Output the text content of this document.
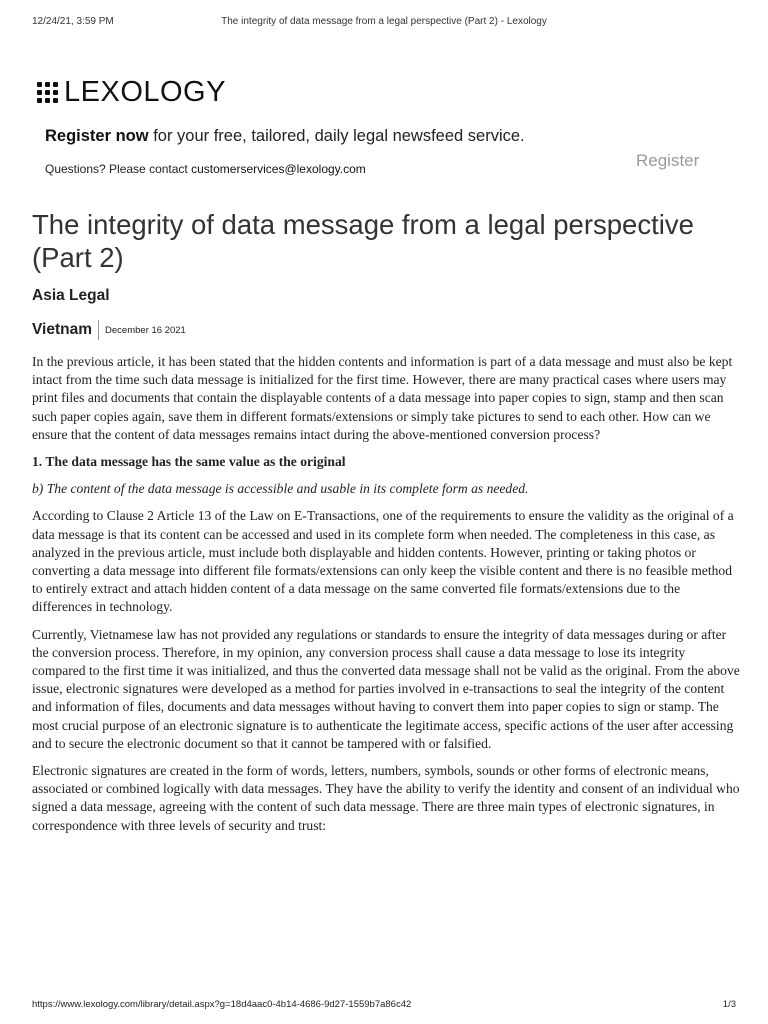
12/24/21, 3:59 PM	The integrity of data message from a legal perspective (Part 2) - Lexology
LEXOLOGY
Register now for your free, tailored, daily legal newsfeed service.
Questions? Please contact customerservices@lexology.com	Register
The integrity of data message from a legal perspective (Part 2)
Asia Legal
Vietnam	December 16 2021

In the previous article, it has been stated that the hidden contents and information is part of a data message and must also be kept intact from the time such data message is initialized for the first time. However, there are many practical cases where users may print files and documents that contain the displayable contents of a data message into paper copies to sign, stamp and then scan such paper copies again, save them in different formats/extensions or simply take pictures to send to each other. How can we ensure that the content of data messages remains intact during the above-mentioned conversion process?

1. The data message has the same value as the original

b) The content of the data message is accessible and usable in its complete form as needed.

According to Clause 2 Article 13 of the Law on E-Transactions, one of the requirements to ensure the validity as the original of a data message is that its content can be accessed and used in its complete form when needed. The completeness in this case, as analyzed in the previous article, must include both displayable and hidden contents. However, printing or taking photos or converting a data message into different file formats/extensions can only keep the visible content and there is no feasible method to entirely extract and attach hidden content of a data message on the same converted file formats/extensions due to the differences in technology.

Currently, Vietnamese law has not provided any regulations or standards to ensure the integrity of data messages during or after the conversion process. Therefore, in my opinion, any conversion process shall cause a data message to lose its integrity compared to the first time it was initialized, and thus the converted data message shall not be valid as the original. From the above issue, electronic signatures were developed as a method for parties involved in e-transactions to seal the integrity of the content and information of files, documents and data messages without having to convert them into paper copies to sign or stamp. The most crucial purpose of an electronic signature is to authenticate the legitimate access, specific actions of the user after accessing and to secure the electronic document so that it cannot be tampered with or falsified.

Electronic signatures are created in the form of words, letters, numbers, symbols, sounds or other forms of electronic means, associated or combined logically with data messages. They have the ability to verify the identity and consent of an individual who signed a data message, agreeing with the content of such data message. There are three main types of electronic signatures, in correspondence with three levels of security and trust:

https://www.lexology.com/library/detail.aspx?g=18d4aac0-4b14-4686-9d27-1559b7a86c42	1/3
